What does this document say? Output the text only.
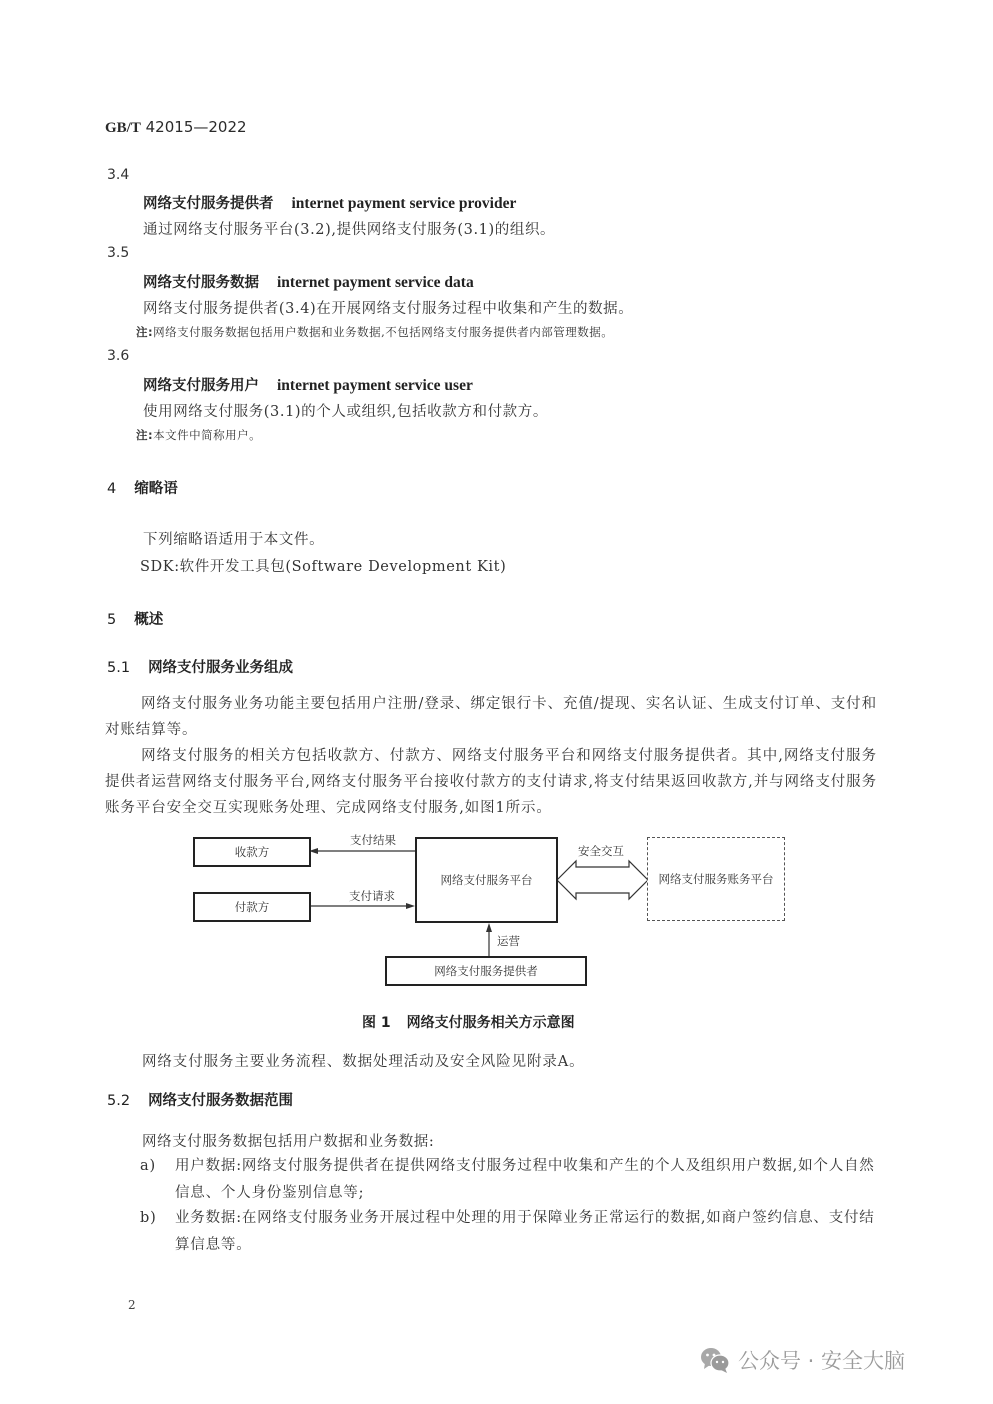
GB/T 42015—2022
3.4
网络支付服务提供者 internet payment service provider
通过网络支付服务平台(3.2),提供网络支付服务(3.1)的组织。
3.5
网络支付服务数据 internet payment service data
网络支付服务提供者(3.4)在开展网络支付服务过程中收集和产生的数据。
注:网络支付服务数据包括用户数据和业务数据,不包括网络支付服务提供者内部管理数据。
3.6
网络支付服务用户 internet payment service user
使用网络支付服务(3.1)的个人或组织,包括收款方和付款方。
注:本文件中简称用户。
4 缩略语
下列缩略语适用于本文件。
SDK:软件开发工具包(Software Development Kit)
5 概述
5.1 网络支付服务业务组成
网络支付服务业务功能主要包括用户注册/登录、绑定银行卡、充值/提现、实名认证、生成支付订单、支付和对账结算等。
网络支付服务的相关方包括收款方、付款方、网络支付服务平台和网络支付服务提供者。其中,网络支付服务提供者运营网络支付服务平台,网络支付服务平台接收付款方的支付请求,将支付结果返回收款方,并与网络支付服务账务平台安全交互实现账务处理、完成网络支付服务,如图1所示。
收款方
付款方
网络支付服务平台	网络支付服务账务平台
网络支付服务提供者
支付结果
支付请求
安全交互
运营
图 1 网络支付服务相关方示意图
网络支付服务主要业务流程、数据处理活动及安全风险见附录A。
5.2 网络支付服务数据范围
网络支付服务数据包括用户数据和业务数据:
a) 用户数据:网络支付服务提供者在提供网络支付服务过程中收集和产生的个人及组织用户数据,如个人自然信息、个人身份鉴别信息等;
b) 业务数据:在网络支付服务业务开展过程中处理的用于保障业务正常运行的数据,如商户签约信息、支付结算信息等。
2
公众号 · 安全大脑
